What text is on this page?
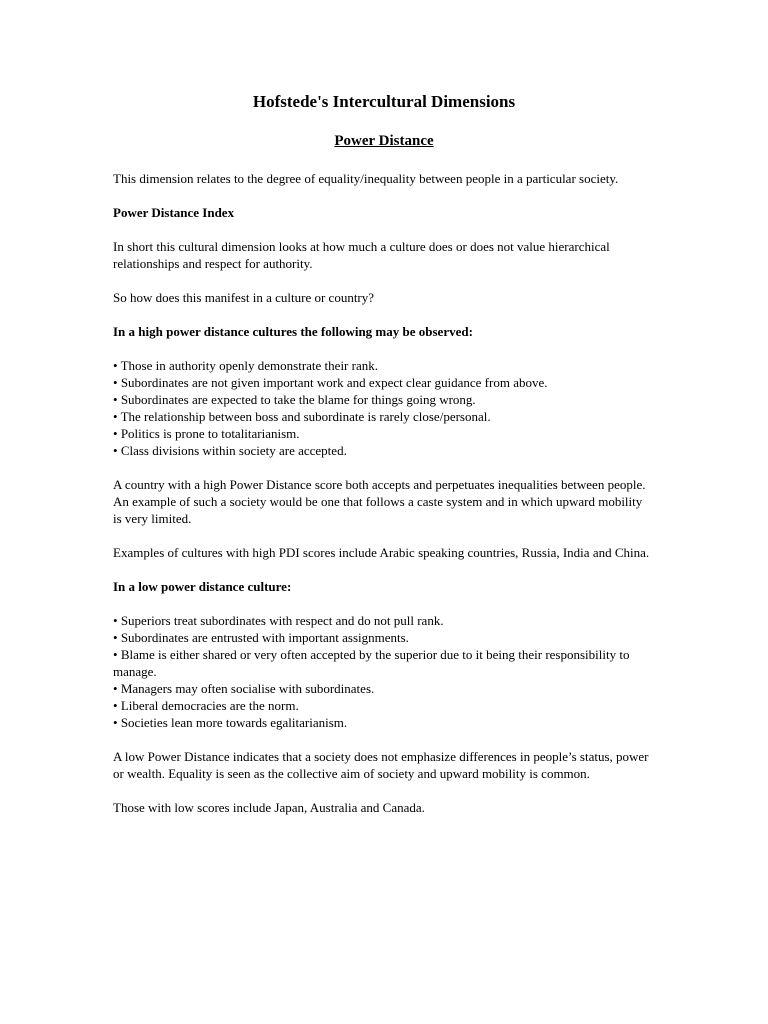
Hofstede's Intercultural Dimensions
Power Distance

This dimension relates to the degree of equality/inequality between people in a particular society.

Power Distance Index

In short this cultural dimension looks at how much a culture does or does not value hierarchical relationships and respect for authority.

So how does this manifest in a culture or country?

In a high power distance cultures the following may be observed:

• Those in authority openly demonstrate their rank.
• Subordinates are not given important work and expect clear guidance from above.
• Subordinates are expected to take the blame for things going wrong.
• The relationship between boss and subordinate is rarely close/personal.
• Politics is prone to totalitarianism.
• Class divisions within society are accepted.

A country with a high Power Distance score both accepts and perpetuates inequalities between people. An example of such a society would be one that follows a caste system and in which upward mobility is very limited.

Examples of cultures with high PDI scores include Arabic speaking countries, Russia, India and China.

In a low power distance culture:

• Superiors treat subordinates with respect and do not pull rank.
• Subordinates are entrusted with important assignments.
• Blame is either shared or very often accepted by the superior due to it being their responsibility to manage.
• Managers may often socialise with subordinates.
• Liberal democracies are the norm.
• Societies lean more towards egalitarianism.

A low Power Distance indicates that a society does not emphasize differences in people’s status, power or wealth. Equality is seen as the collective aim of society and upward mobility is common.

Those with low scores include Japan, Australia and Canada.
